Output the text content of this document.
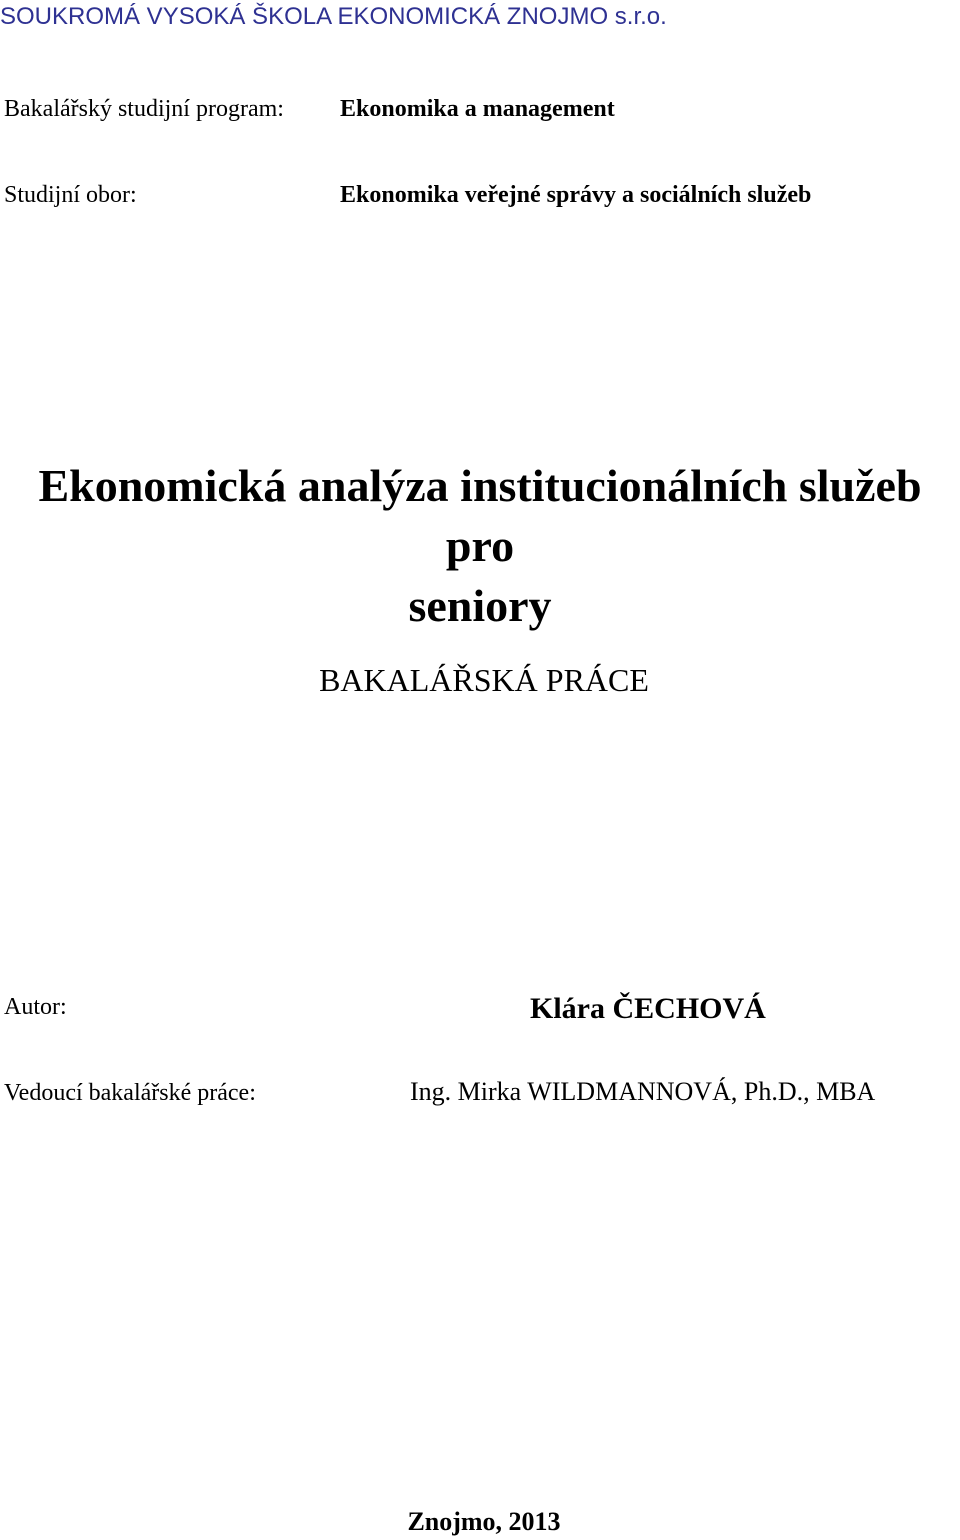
SOUKROMÁ VYSOKÁ ŠKOLA EKONOMICKÁ ZNOJMO s.r.o.
Bakalářský studijní program: Ekonomika a management
Studijní obor:	Ekonomika veřejné správy a sociálních služeb
Ekonomická analýza institucionálních služeb pro
seniory
BAKALÁŘSKÁ PRÁCE
Autor:	Klára ČECHOVÁ
Vedoucí bakalářské práce:	Ing. Mirka WILDMANNOVÁ, Ph.D., MBA
Znojmo, 2013
